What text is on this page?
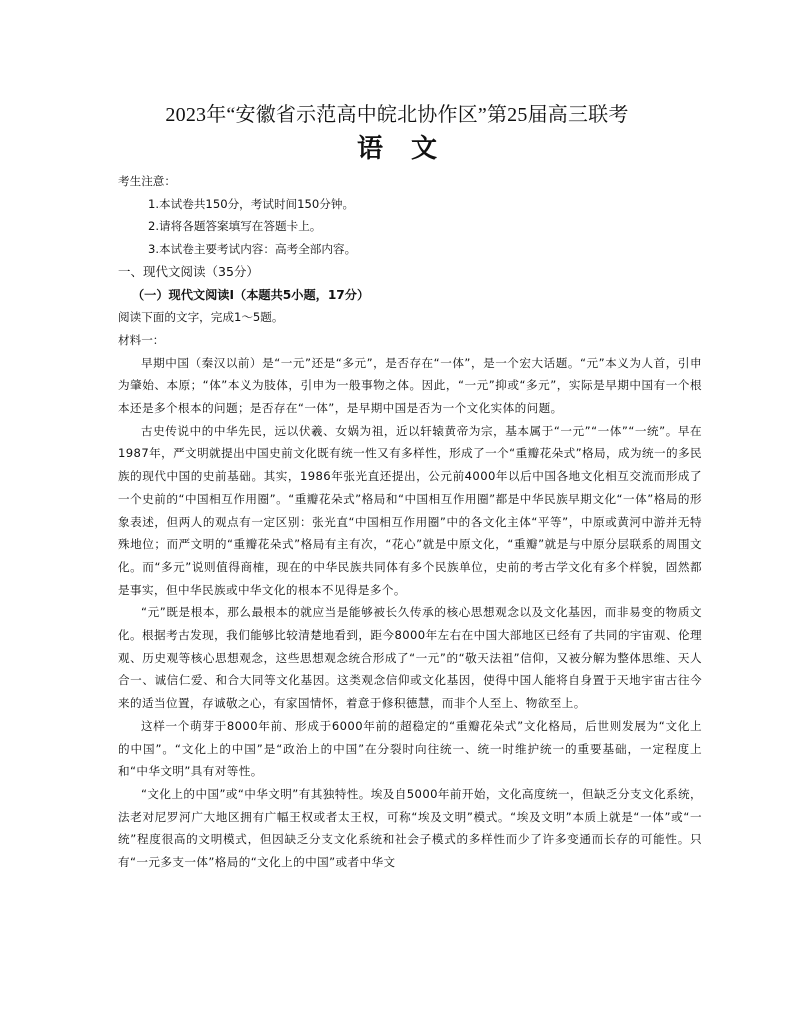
2023年“安徽省示范高中皖北协作区”第25届高三联考
语文
考生注意：
1.本试卷共150分，考试时间150分钟。
2.请将各题答案填写在答题卡上。
3.本试卷主要考试内容：高考全部内容。
一、现代文阅读（35分）
（一）现代文阅读Ⅰ（本题共5小题，17分）
阅读下面的文字，完成1～5题。
材料一：

早期中国（秦汉以前）是“一元”还是“多元”，是否存在“一体”，是一个宏大话题。“元”本义为人首，引申为肇始、本原；“体”本义为肢体，引申为一般事物之体。因此，“一元”抑或“多元”，实际是早期中国有一个根本还是多个根本的问题；是否存在“一体”，是早期中国是否为一个文化实体的问题。

古史传说中的中华先民，远以伏羲、女娲为祖，近以轩辕黄帝为宗，基本属于“一元”“一体”“一统”。早在1987年，严文明就提出中国史前文化既有统一性又有多样性，形成了一个“重瓣花朵式”格局，成为统一的多民族的现代中国的史前基础。其实，1986年张光直还提出，公元前4000年以后中国各地文化相互交流而形成了一个史前的“中国相互作用圈”。“重瓣花朵式”格局和“中国相互作用圈”都是中华民族早期文化“一体”格局的形象表述，但两人的观点有一定区别：张光直“中国相互作用圈”中的各文化主体“平等”，中原或黄河中游并无特殊地位；而严文明的“重瓣花朵式”格局有主有次，“花心”就是中原文化，“重瓣”就是与中原分层联系的周围文化。而“多元”说则值得商榷，现在的中华民族共同体有多个民族单位，史前的考古学文化有多个样貌，固然都是事实，但中华民族或中华文化的根本不见得是多个。

“元”既是根本，那么最根本的就应当是能够被长久传承的核心思想观念以及文化基因，而非易变的物质文化。根据考古发现，我们能够比较清楚地看到，距今8000年左右在中国大部地区已经有了共同的宇宙观、伦理观、历史观等核心思想观念，这些思想观念统合形成了“一元”的“敬天法祖”信仰，又被分解为整体思维、天人合一、诚信仁爱、和合大同等文化基因。这类观念信仰或文化基因，使得中国人能将自身置于天地宇宙古往今来的适当位置，存诚敬之心，有家国情怀，着意于修积德慧，而非个人至上、物欲至上。

这样一个萌芽于8000年前、形成于6000年前的超稳定的“重瓣花朵式”文化格局，后世则发展为“文化上的中国”。“文化上的中国”是“政治上的中国”在分裂时向往统一、统一时维护统一的重要基础，一定程度上和“中华文明”具有对等性。

“文化上的中国”或“中华文明”有其独特性。埃及自5000年前开始，文化高度统一，但缺乏分支文化系统，法老对尼罗河广大地区拥有广幅王权或者太王权，可称“埃及文明”模式。“埃及文明”本质上就是“一体”或“一统”程度很高的文明模式，但因缺乏分支文化系统和社会子模式的多样性而少了许多变通而长存的可能性。只有“一元多支一体”格局的“文化上的中国”或者中华文
